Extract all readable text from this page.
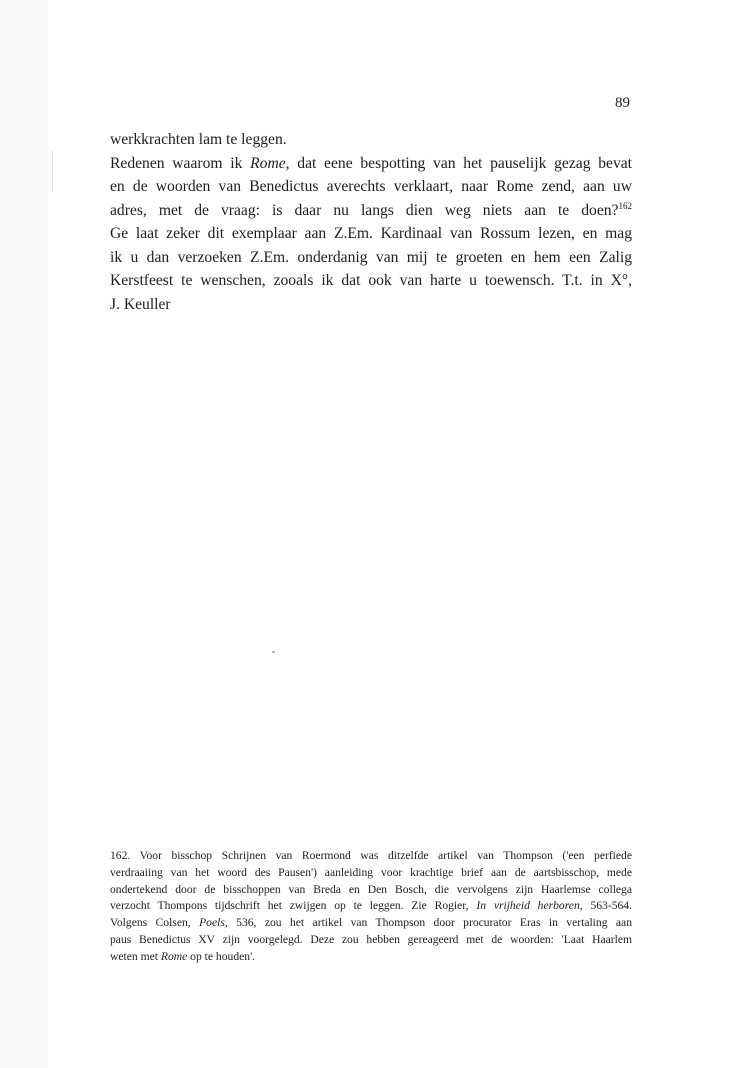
89
werkkrachten lam te leggen.
Redenen waarom ik Rome, dat eene bespotting van het pauselijk gezag bevat
en de woorden van Benedictus averechts verklaart, naar Rome zend, aan uw
adres, met de vraag: is daar nu langs dien weg niets aan te doen?$^{162}$
Ge laat zeker dit exemplaar aan Z.Em. Kardinaal van Rossum lezen, en mag
ik u dan verzoeken Z.Em. onderdanig van mij te groeten en hem een Zalig
Kerstfeest te wenschen, zooals ik dat ook van harte u toewensch. T.t. in X°,
J. Keuller
162. Voor bisschop Schrijnen van Roermond was ditzelfde artikel van Thompson ('een perfiede
verdraaiing van het woord des Pausen') aanleiding voor krachtige brief aan de aartsbisschop, mede
ondertekend door de bisschoppen van Breda en Den Bosch, die vervolgens zijn Haarlemse collega
verzocht Thompons tijdschrift het zwijgen op te leggen. Zie Rogier, In vrijheid herboren, 563-564.
Volgens Colsen, Poels, 536, zou het artikel van Thompson door procurator Eras in vertaling aan
paus Benedictus XV zijn voorgelegd. Deze zou hebben gereageerd met de woorden: 'Laat Haarlem
weten met Rome op te houden'.
